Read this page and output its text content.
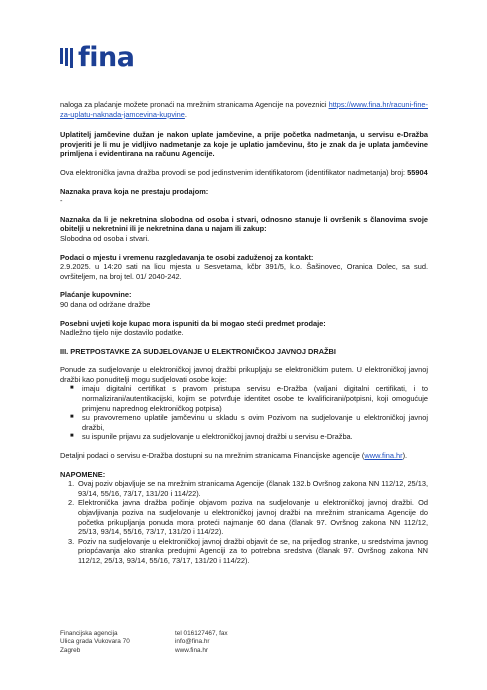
fina

naloga za plaćanje možete pronaći na mrežnim stranicama Agencije na poveznici https://www.fina.hr/racuni-fine-za-uplatu-naknada-jamcevina-kupvine.

Uplatitelj jamčevine dužan je nakon uplate jamčevine, a prije početka nadmetanja, u servisu e-Dražba provjeriti je li mu je vidljivo nadmetanje za koje je uplatio jamčevinu, što je znak da je uplata jamčevine primljena i evidentirana na računu Agencije.

Ova elektronička javna dražba provodi se pod jedinstvenim identifikatorom (identifikator nadmetanja) broj: 55904

Naznaka prava koja ne prestaju prodajom:

-

Naznaka da li je nekretnina slobodna od osoba i stvari, odnosno stanuje li ovršenik s članovima svoje obitelji u nekretnini ili je nekretnina dana u najam ili zakup:

Slobodna od osoba i stvari.

Podaci o mjestu i vremenu razgledavanja te osobi zaduženoj za kontakt:

2.9.2025. u 14:20 sati na licu mjesta u Sesvetama, kčbr 391/5, k.o. Šašinovec, Oranica Dolec, sa sud. ovršiteljem, na broj tel. 01/ 2040-242.

Plaćanje kupovnine:

90 dana od održane dražbe

Posebni uvjeti koje kupac mora ispuniti da bi mogao steći predmet prodaje:

Nadležno tijelo nije dostavilo podatke.

III. PRETPOSTAVKE ZA SUDJELOVANJE U ELEKTRONIČKOJ JAVNOJ DRAŽBI

Ponude za sudjelovanje u elektroničkoj javnoj dražbi prikupljaju se elektroničkim putem. U elektroničkoj javnoj dražbi kao ponuditelji mogu sudjelovati osobe koje:

■ imaju digitalni certifikat s pravom pristupa servisu e-Dražba (valjani digitalni certifikati, i to normalizirani/autentikacijski, kojim se potvrđuje identitet osobe te kvalificirani/potpisni, koji omogućuje primjenu naprednog elektroničkog potpisa)
■ su pravovremeno uplatile jamčevinu u skladu s ovim Pozivom na sudjelovanje u elektroničkoj javnoj dražbi,
■ su ispunile prijavu za sudjelovanje u elektroničkoj javnoj dražbi u servisu e-Dražba.

Detaljni podaci o servisu e-Dražba dostupni su na mrežnim stranicama Financijske agencije (www.fina.hr).

NAPOMENE:

1. Ovaj poziv objavljuje se na mrežnim stranicama Agencije (članak 132.b Ovršnog zakona NN 112/12, 25/13, 93/14, 55/16, 73/17, 131/20 i 114/22).
2. Elektronička javna dražba počinje objavom poziva na sudjelovanje u elektroničkoj javnoj dražbi. Od objavljivanja poziva na sudjelovanje u elektroničkoj javnoj dražbi na mrežnim stranicama Agencije do početka prikupljanja ponuda mora proteći najmanje 60 dana (članak 97. Ovršnog zakona NN 112/12, 25/13, 93/14, 55/16, 73/17, 131/20 i 114/22).
3. Poziv na sudjelovanje u elektroničkoj javnoj dražbi objavit će se, na prijedlog stranke, u sredstvima javnog priopćavanja ako stranka predujmi Agenciji za to potrebna sredstva (članak 97. Ovršnog zakona NN 112/12, 25/13, 93/14, 55/16, 73/17, 131/20 i 114/22).
Financijska agencija
Ulica grada Vukovara 70
Zagreb
tel 016127467, fax
info@fina.hr
www.fina.hr
